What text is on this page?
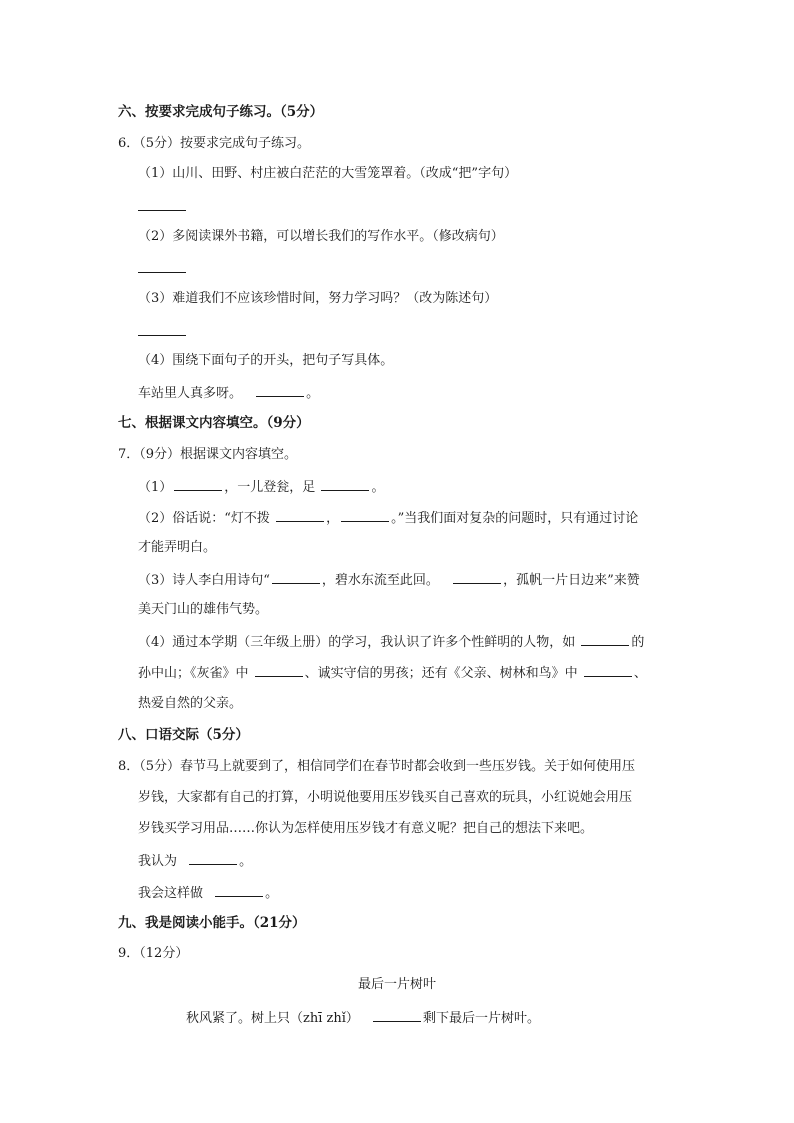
六、按要求完成句子练习。（5分）
6．（5分）按要求完成句子练习。
（1）山川、田野、村庄被白茫茫的大雪笼罩着。（改成“把”字句）
（2）多阅读课外书籍，可以增长我们的写作水平。（修改病句）
（3）难道我们不应该珍惜时间，努力学习吗？（改为陈述句）
（4）围绕下面句子的开头，把句子写具体。
车站里人真多呀。	。
七、根据课文内容填空。（9分）
7．（9分）根据课文内容填空。
（1）	，一儿登瓮，足	。
（2）俗话说：“灯不拨	，	。”当我们面对复杂的问题时，只有通过讨论
才能弄明白。
（3）诗人李白用诗句“	，碧水东流至此回。	，孤帆一片日边来”来赞
美天门山的雄伟气势。
（4）通过本学期（三年级上册）的学习，我认识了许多个性鲜明的人物，如	的
孙中山；《灰雀》中	、诚实守信的男孩；还有《父亲、树林和鸟》中	、
热爱自然的父亲。
八、口语交际（5分）
8．（5分）春节马上就要到了，相信同学们在春节时都会收到一些压岁钱。关于如何使用压
岁钱，大家都有自己的打算，小明说他要用压岁钱买自己喜欢的玩具，小红说她会用压
岁钱买学习用品……你认为怎样使用压岁钱才有意义呢？把自己的想法下来吧。
我认为	。
我会这样做	。
九、我是阅读小能手。（21分）
9．（12分）
最后一片树叶
秋风紧了。树上只（zhī zhǐ）	剩下最后一片树叶。
